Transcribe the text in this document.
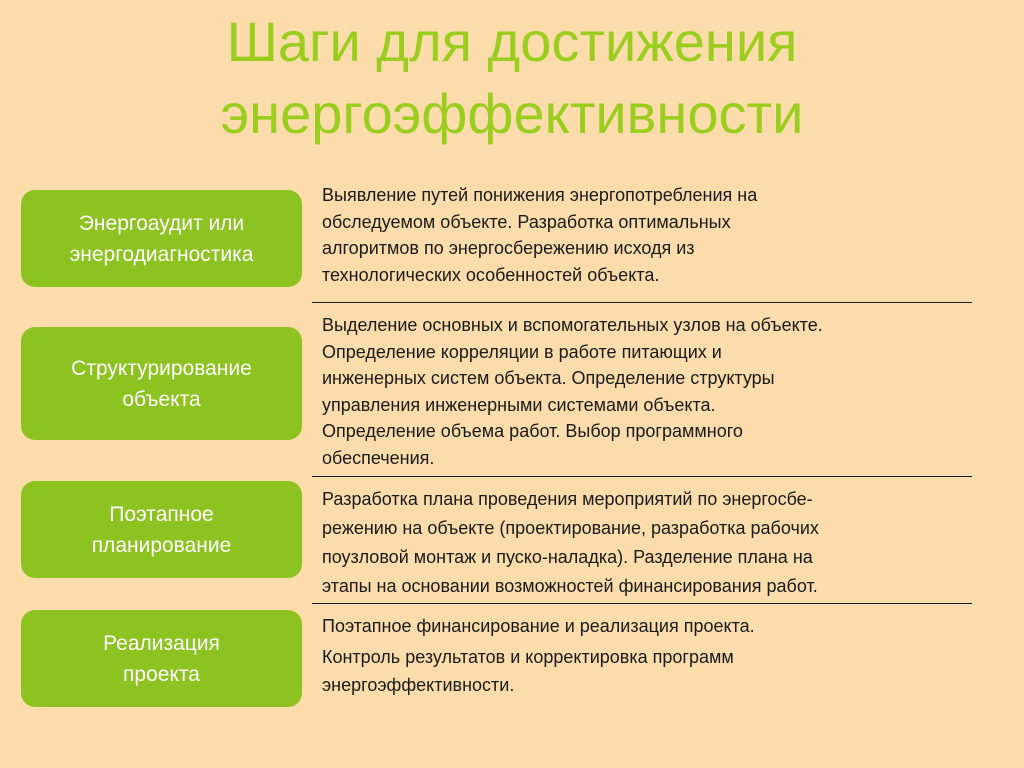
Шаги для достижения
энергоэффективности
Энергоаудит или
энергодиагностика
Выявление путей понижения энергопотребления на
обследуемом объекте. Разработка оптимальных
алгоритмов по энергосбережению исходя из
технологических особенностей объекта.
Структурирование
объекта
Выделение основных и вспомогательных узлов на объекте.
Определение корреляции в работе питающих и
инженерных систем объекта. Определение структуры
управления инженерными системами объекта.
Определение объема работ. Выбор программного
обеспечения.
Поэтапное
планирование
Разработка плана проведения мероприятий по энергосбе-
режению на объекте (проектирование, разработка рабочих
поузловой монтаж и пуско-наладка). Разделение плана на
этапы на основании возможностей финансирования работ.
Реализация
проекта
Поэтапное финансирование и реализация проекта.
Контроль результатов и корректировка программ
энергоэффективности.
